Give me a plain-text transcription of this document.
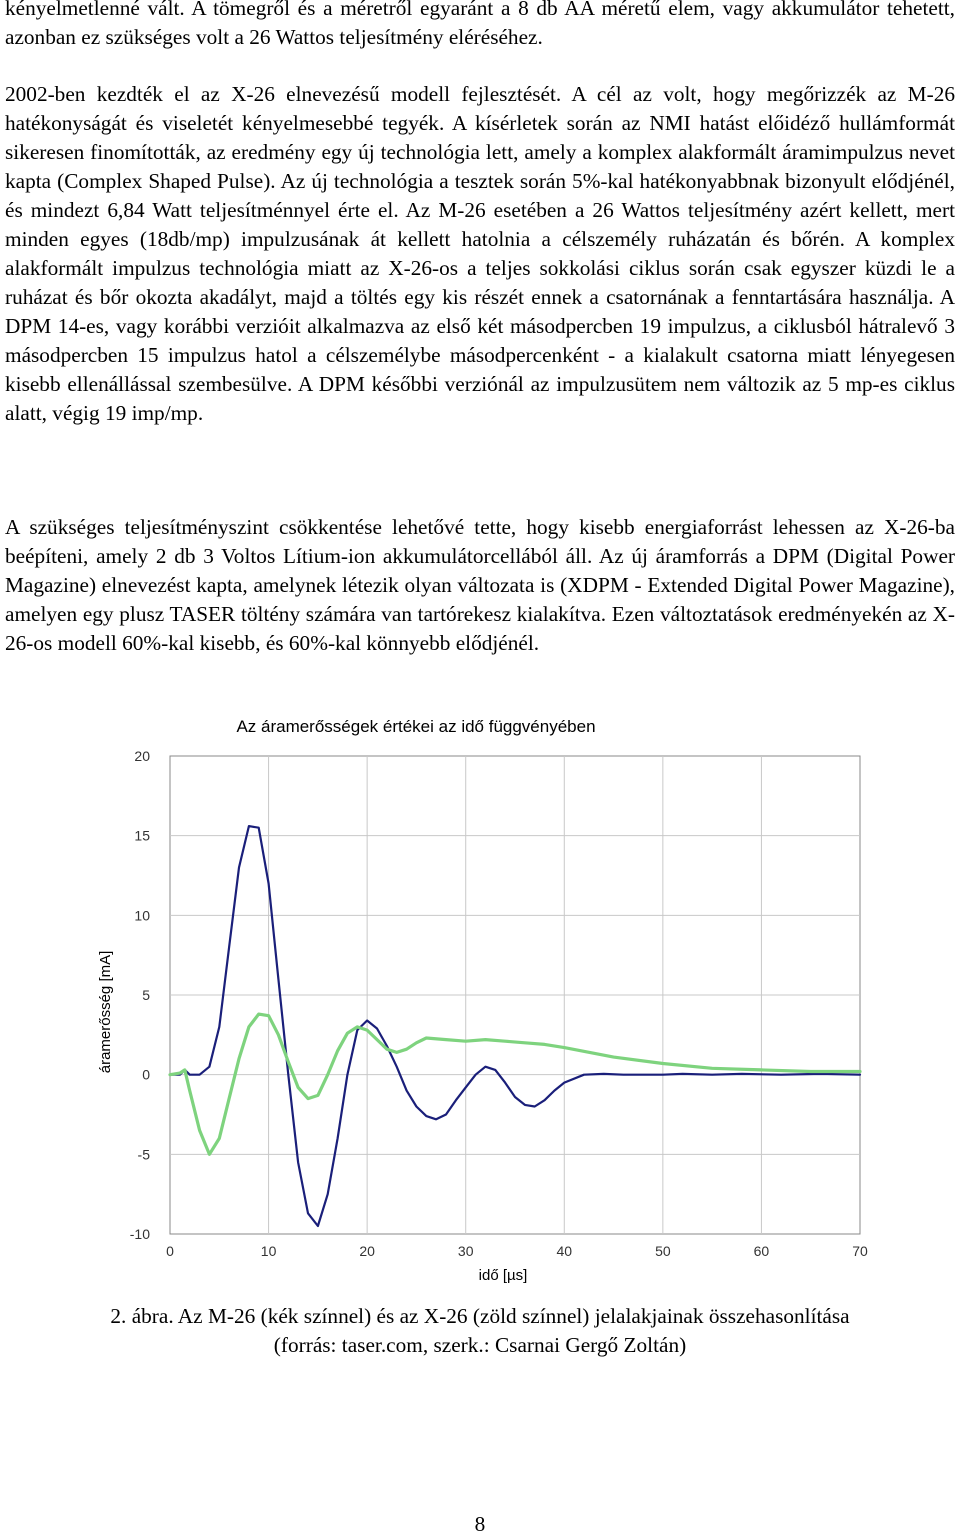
kényelmetlenné vált. A tömegről és a méretről egyaránt a 8 db AA méretű elem, vagy akkumulátor tehetett, azonban ez szükséges volt a 26 Wattos teljesítmény eléréséhez.
2002-ben kezdték el az X-26 elnevezésű modell fejlesztését. A cél az volt, hogy megőrizzék az M-26 hatékonyságát és viseletét kényelmesebbé tegyék. A kísérletek során az NMI hatást előidéző hullámformát sikeresen finomították, az eredmény egy új technológia lett, amely a komplex alakformált áramimpulzus nevet kapta (Complex Shaped Pulse). Az új technológia a tesztek során 5%-kal hatékonyabbnak bizonyult elődjénél, és mindezt 6,84 Watt teljesítménnyel érte el. Az M-26 esetében a 26 Wattos teljesítmény azért kellett, mert minden egyes (18db/mp) impulzusának át kellett hatolnia a célszemély ruházatán és bőrén. A komplex alakformált impulzus technológia miatt az X-26-os a teljes sokkolási ciklus során csak egyszer küzdi le a ruházat és bőr okozta akadályt, majd a töltés egy kis részét ennek a csatornának a fenntartására használja. A DPM 14-es, vagy korábbi verzióit alkalmazva az első két másodpercben 19 impulzus, a ciklusból hátralevő 3 másodpercben 15 impulzus hatol a célszemélybe másodpercenként - a kialakult csatorna miatt lényegesen kisebb ellenállással szembesülve. A DPM későbbi verziónál az impulzusütem nem változik az 5 mp-es ciklus alatt, végig 19 imp/mp.
A szükséges teljesítményszint csökkentése lehetővé tette, hogy kisebb energiaforrást lehessen az X-26-ba beépíteni, amely 2 db 3 Voltos Lítium-ion akkumulátorcellából áll. Az új áramforrás a DPM (Digital Power Magazine) elnevezést kapta, amelynek létezik olyan változata is (XDPM - Extended Digital Power Magazine), amelyen egy plusz TASER töltény számára van tartórekesz kialakítva. Ezen változtatások eredményekén az X-26-os modell 60%-kal kisebb, és 60%-kal könnyebb elődjénél.
Az áramerősségek értékei az idő függvényében
áramerősség [mA]
idő [µs]
0	10	20	30	40	50	60	70
20
15
10
5
0
-5
-10
2. ábra. Az M-26 (kék színnel) és az X-26 (zöld színnel) jelalakjainak összehasonlítása
(forrás: taser.com, szerk.: Csarnai Gergő Zoltán)
8
